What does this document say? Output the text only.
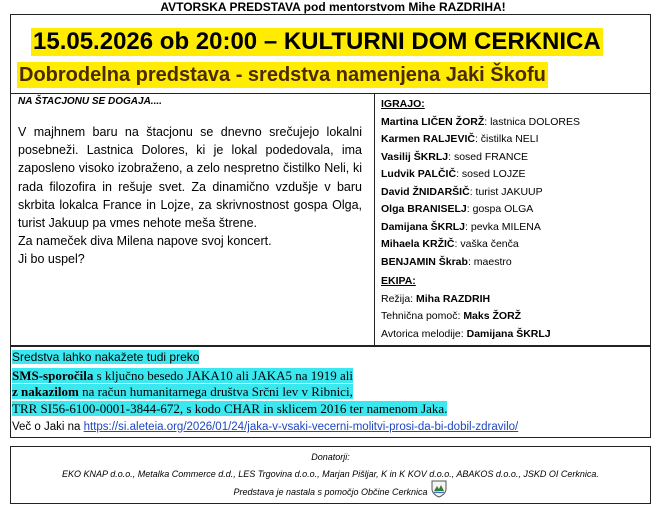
AVTORSKA PREDSTAVA pod mentorstvom Mihe RAZDRIHA!
15.05.2026 ob 20:00 – KULTURNI DOM CERKNICA
Dobrodelna predstava - sredstva namenjena Jaki Škofu
NA ŠTACJONU SE DOGAJA....

V majhnem baru na štacjonu se dnevno srečujejo lokalni posebneži. Lastnica Dolores, ki je lokal podedovala, ima zaposleno visoko izobraženo, a zelo nespretno čistilko Neli, ki rada filozofira in rešuje svet. Za dinamično vzdušje v baru skrbita lokalca France in Lojze, za skrivnostnost gospa Olga, turist Jakuup pa vmes nehote meša štrene.

Za nameček diva Milena napove svoj koncert.

Ji bo uspel?

IGRAJO:
Martina LIČEN ŽORŽ: lastnica DOLORES
Karmen RALJEVIČ: čistilka NELI
Vasilij ŠKRLJ: sosed FRANCE
Ludvik PALČIČ: sosed LOJZE
David ŽNIDARŠIČ: turist JAKUUP
Olga BRANISELJ: gospa OLGA
Damijana ŠKRLJ: pevka MILENA
Mihaela KRŽIČ: vaška čenča
BENJAMIN Škrab: maestro
EKIPA:
Režija: Miha RAZDRIH
Tehnična pomoč: Maks ŽORŽ
Avtorica melodije: Damijana ŠKRLJ
Sredstva lahko nakažete tudi preko
SMS-sporočila s ključno besedo JAKA10 ali JAKA5 na 1919 ali
z nakazilom na račun humanitarnega društva Srčni lev v Ribnici,
TRR SI56-6100-0001-3844-672, s kodo CHAR in sklicem 2016 ter namenom Jaka.
Več o Jaki na https://si.aleteia.org/2026/01/24/jaka-v-vsaki-vecerni-molitvi-prosi-da-bi-dobil-zdravilo/
Donatorji:
EKO KNAP d.o.o., Metalka Commerce d.d., LES Trgovina d.o.o., Marjan Pišljar, K in K KOV d.o.o., ABAKOS d.o.o., JSKD OI Cerknica.
Predstava je nastala s pomočjo Občine Cerknica
